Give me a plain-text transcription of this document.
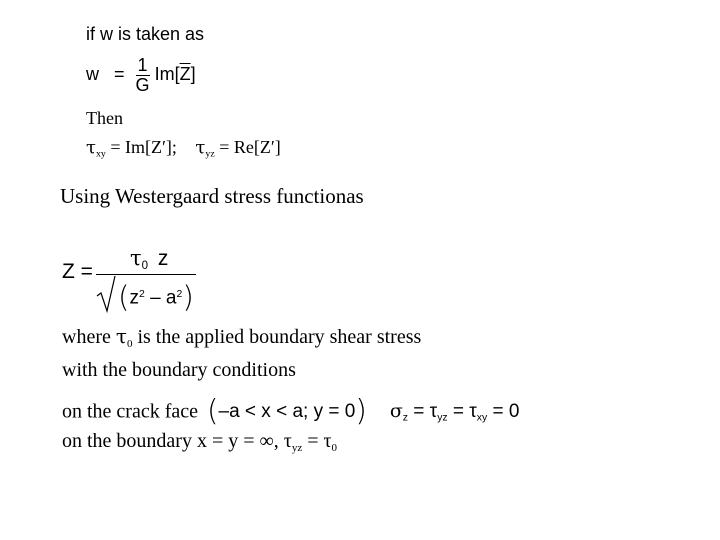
if w is taken as
$w = \frac{1}{G} Im[\overline{Z}]$
Then
$\tau_{xy} = Im[Z']$; $\tau_{yz} = Re[Z']$
Using Westergaard stress functionas
Z =
$\tau_0$ z
$(z^2 - a^2)$
where $\tau_0$ is the applied boundary shear stress
with the boundary conditions
on the crack face (–a < x < a; y = 0) $\sigma_z = \tau_{yz} = \tau_{xy} = 0$
on the boundary x = y = ∞, $\tau_{yz} = \tau_0$
